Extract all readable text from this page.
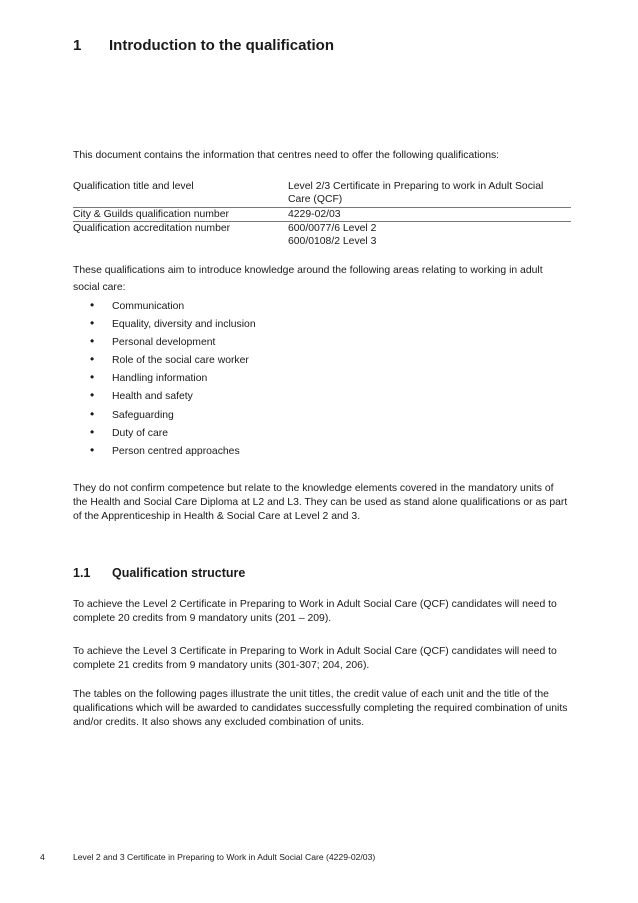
1 Introduction to the qualification
This document contains the information that centres need to offer the following qualifications:
Qualification title and level	Level 2/3 Certificate in Preparing to work in Adult Social
Care (QCF)

City & Guilds qualification number	4229-02/03

Qualification accreditation number	600/0077/6 Level 2
600/0108/2 Level 3
These qualifications aim to introduce knowledge around the following areas relating to working in adult social care:
• Communication
• Equality, diversity and inclusion
• Personal development
• Role of the social care worker
• Handling information
• Health and safety
• Safeguarding
• Duty of care
• Person centred approaches
They do not confirm competence but relate to the knowledge elements covered in the mandatory units of the Health and Social Care Diploma at L2 and L3. They can be used as stand alone qualifications or as part of the Apprenticeship in Health & Social Care at Level 2 and 3.
1.1 Qualification structure
To achieve the Level 2 Certificate in Preparing to Work in Adult Social Care (QCF) candidates will need to complete 20 credits from 9 mandatory units (201 – 209).
To achieve the Level 3 Certificate in Preparing to Work in Adult Social Care (QCF) candidates will need to complete 21 credits from 9 mandatory units (301-307; 204, 206).
The tables on the following pages illustrate the unit titles, the credit value of each unit and the title of the qualifications which will be awarded to candidates successfully completing the required combination of units and/or credits. It also shows any excluded combination of units.
4	Level 2 and 3 Certificate in Preparing to Work in Adult Social Care (4229-02/03)
